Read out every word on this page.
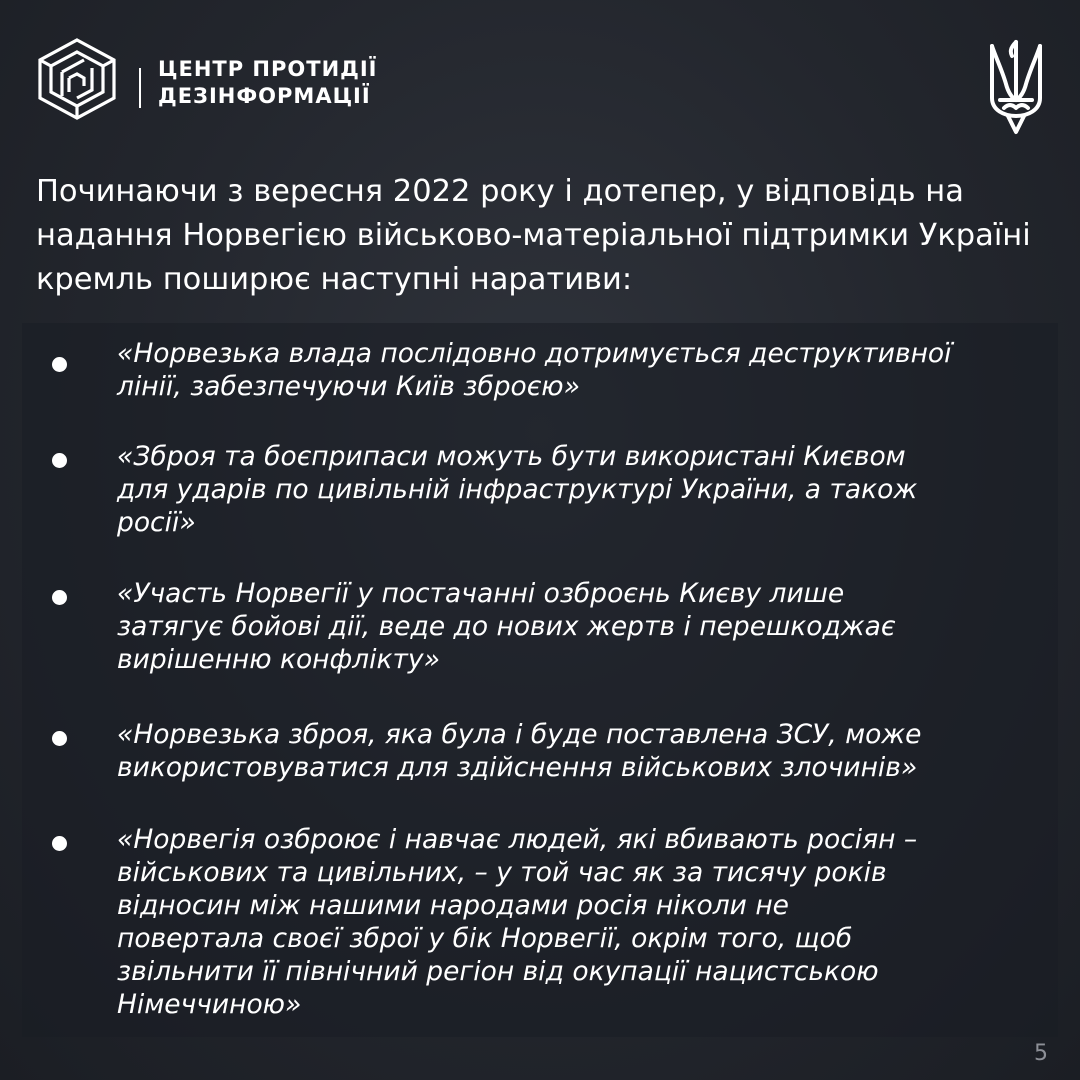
ЦЕНТР ПРОТИДІЇ
ДЕЗІНФОРМАЦІЇ

Починаючи з вересня 2022 року і дотепер, у відповідь на надання Норвегією військово-матеріальної підтримки Україні кремль поширює наступні наративи:

«Норвезька влада послідовно дотримується деструктивної
лінії, забезпечуючи Київ зброєю»
«Зброя та боєприпаси можуть бути використані Києвом
для ударів по цивільній інфраструктурі України, а також
росії»
«Участь Норвегії у постачанні озброєнь Києву лише
затягує бойові дії, веде до нових жертв і перешкоджає
вирішенню конфлікту»
«Норвезька зброя, яка була і буде поставлена ЗСУ, може
використовуватися для здійснення військових злочинів»
«Норвегія озброює і навчає людей, які вбивають росіян –
військових та цивільних, – у той час як за тисячу років
відносин між нашими народами росія ніколи не
повертала своєї зброї у бік Норвегії, окрім того, щоб
звільнити її північний регіон від окупації нацистською
Німеччиною»
5
